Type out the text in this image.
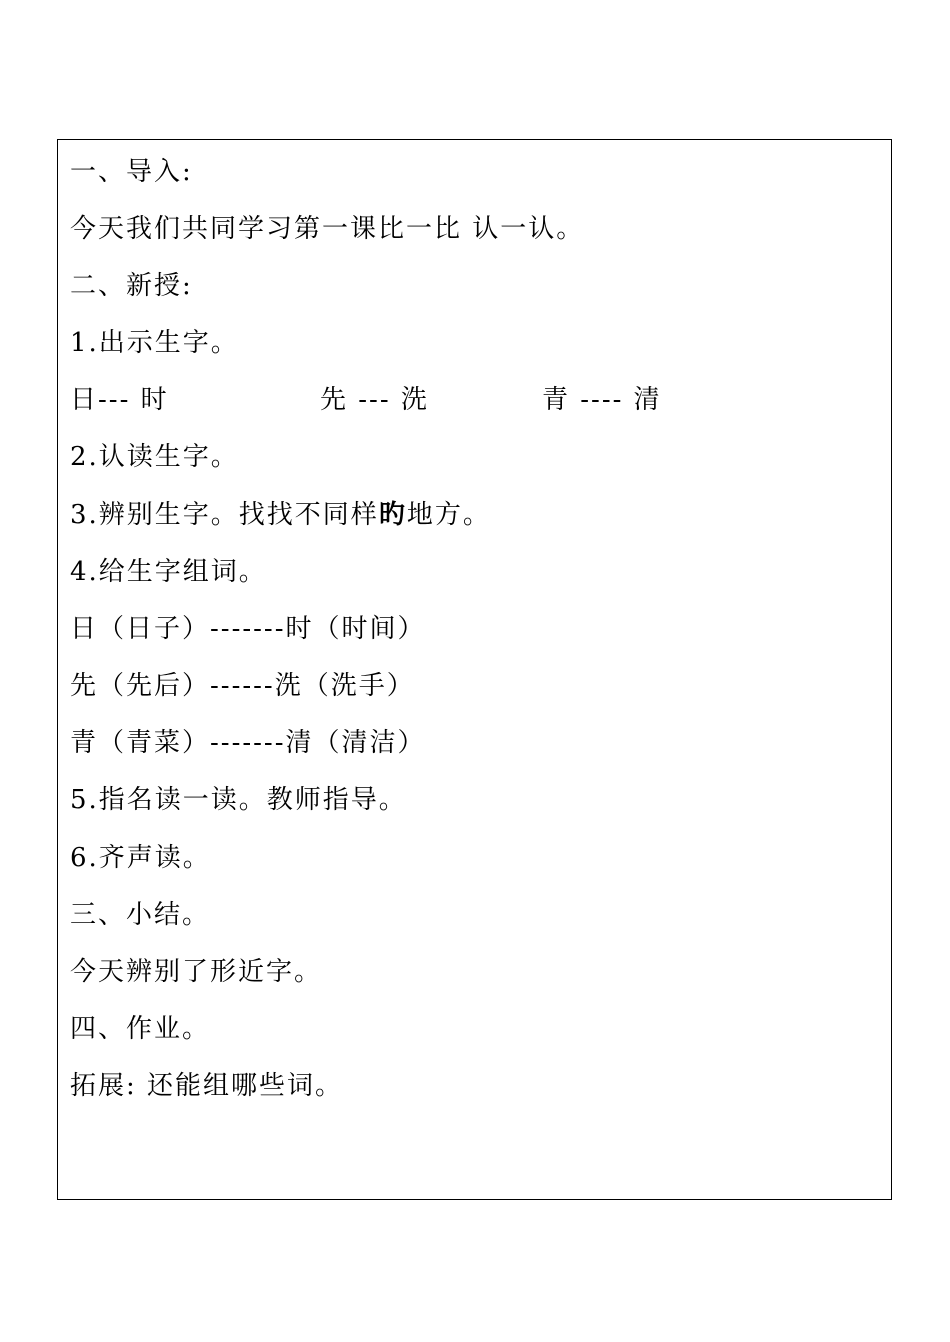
一、导入:
今天我们共同学习第一课比一比 认一认。
二、新授:
1.出示生字。
日--- 时	先 --- 洗	青 ---- 清
2.认读生字。
3.辨别生字。找找不同样旳地方。
4.给生字组词。
日（日子）-------时（时间）
先（先后）------洗（洗手）
青（青菜）-------清（清洁）
5.指名读一读。教师指导。
6.齐声读。
三、小结。
今天辨别了形近字。
四、作业。
拓展: 还能组哪些词。
